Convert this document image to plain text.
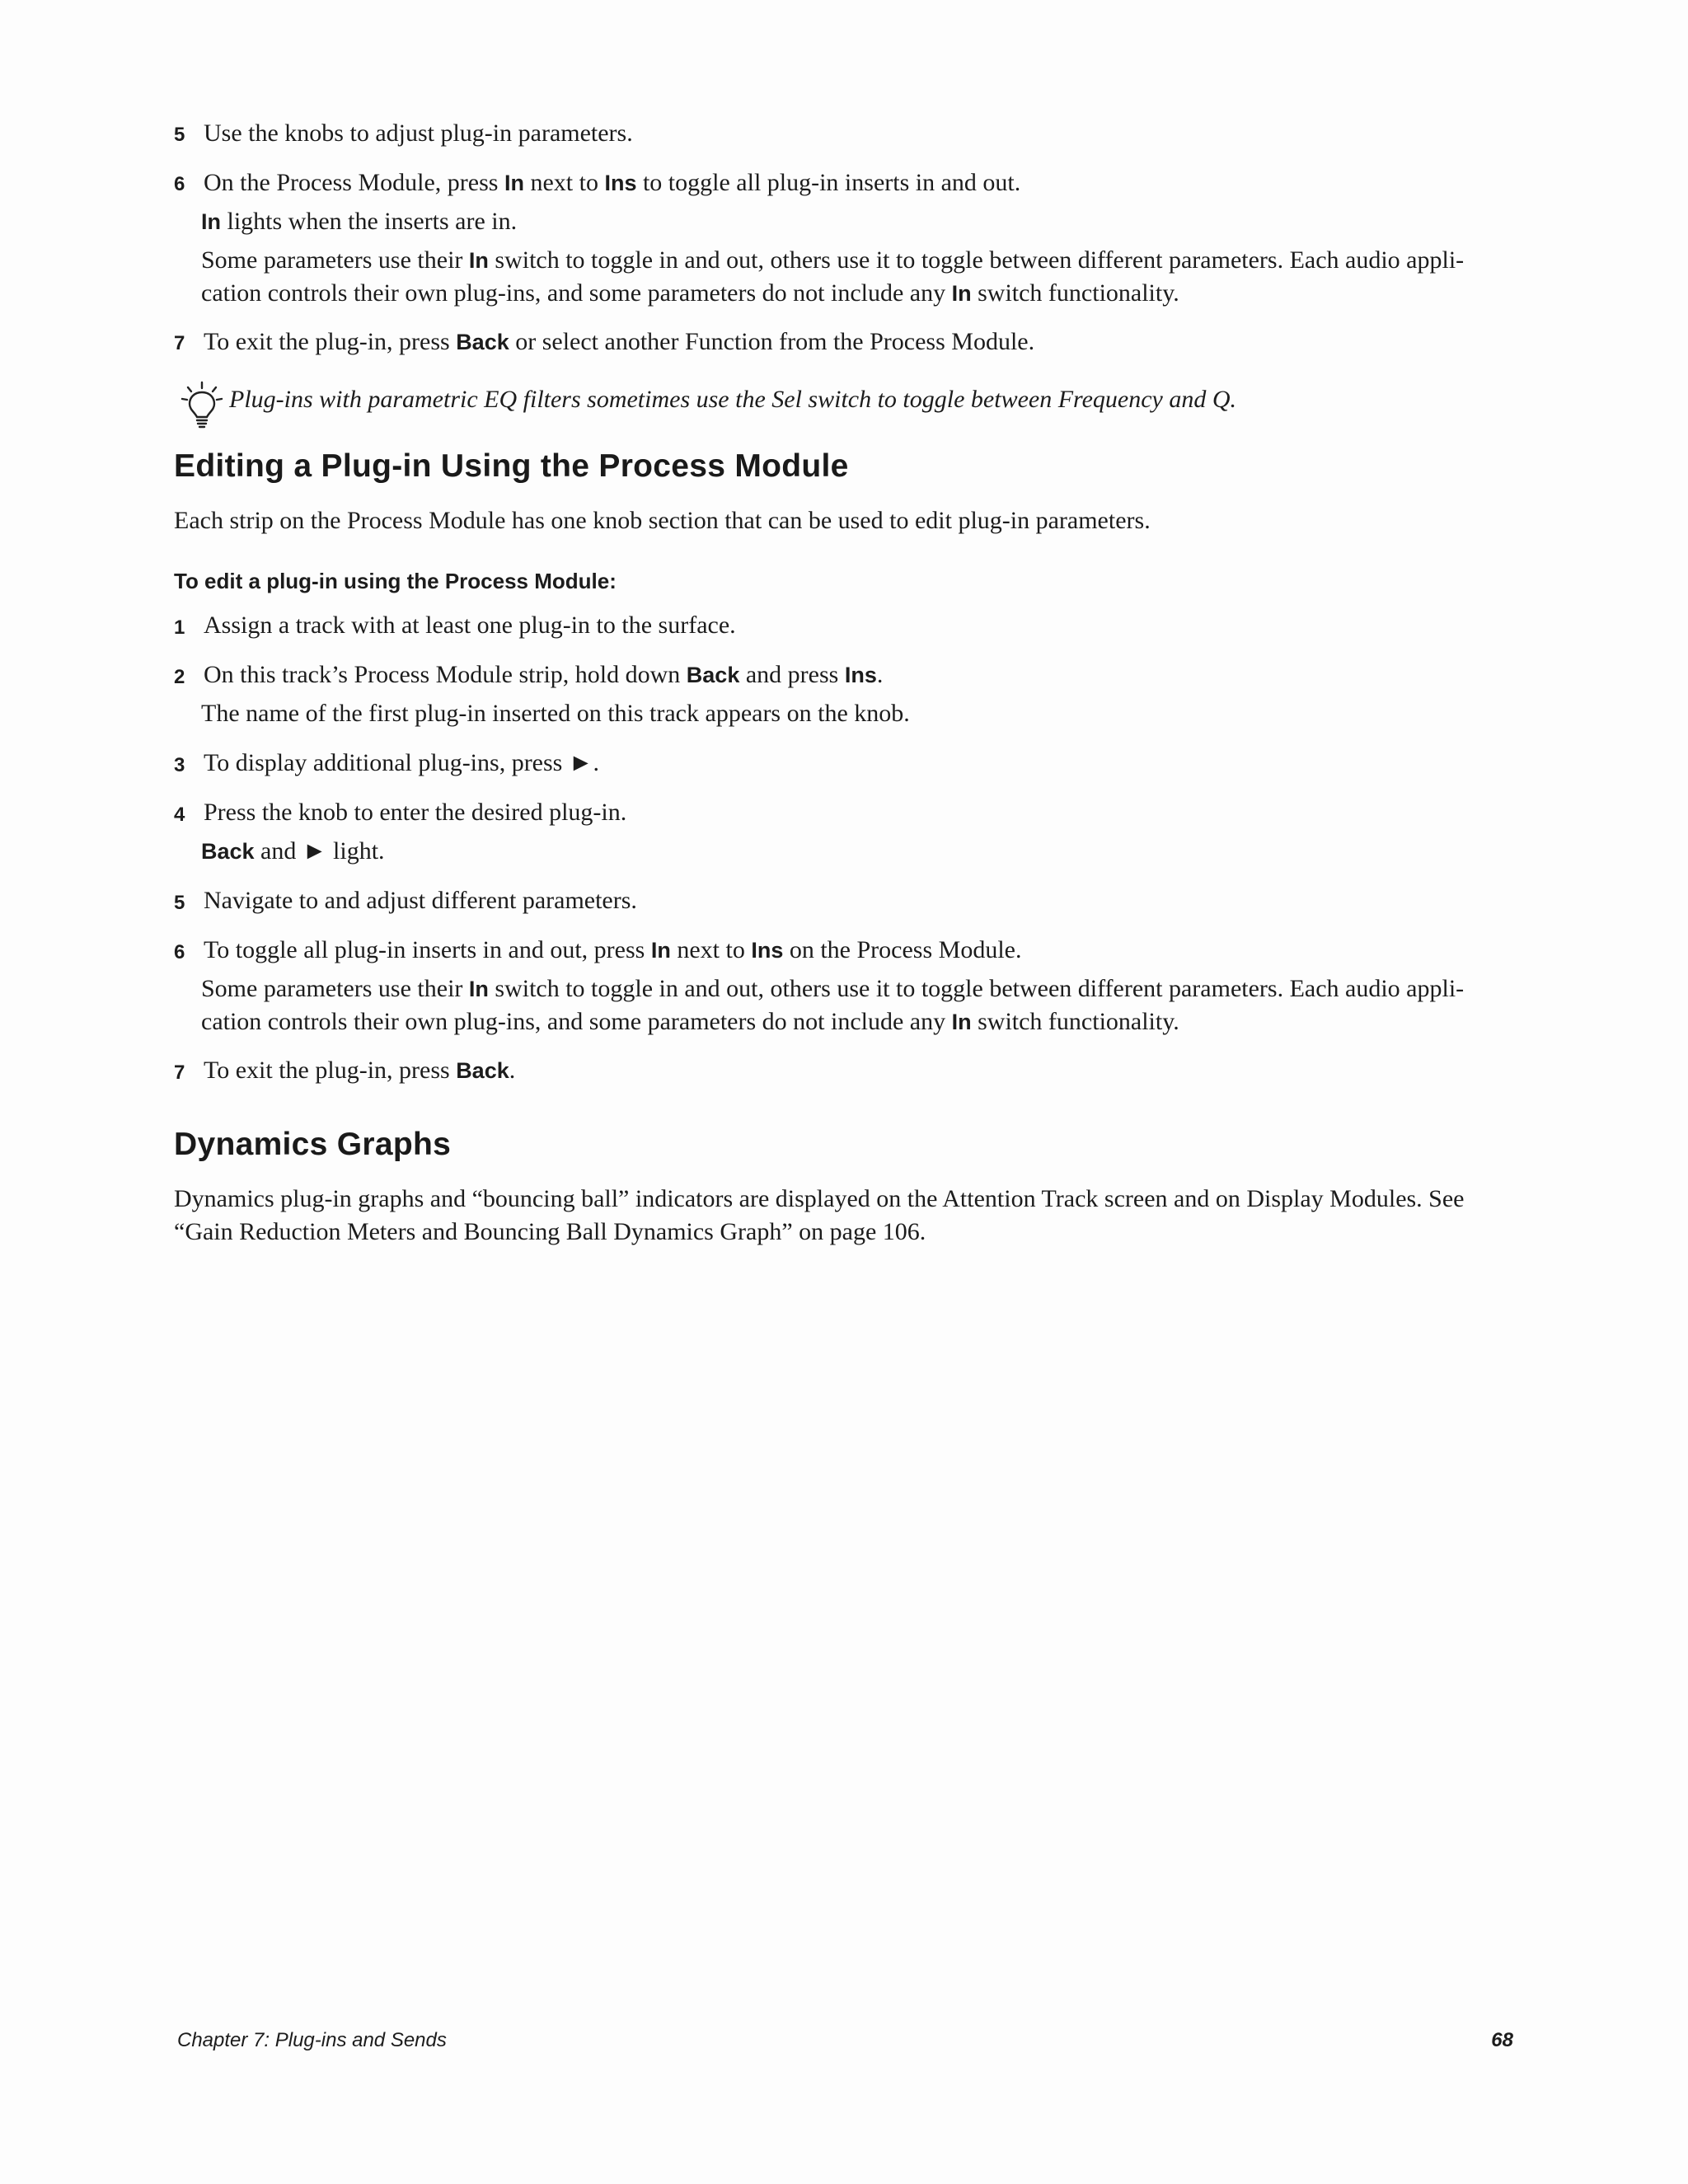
5 Use the knobs to adjust plug-in parameters.
6 On the Process Module, press In next to Ins to toggle all plug-in inserts in and out.
In lights when the inserts are in.
Some parameters use their In switch to toggle in and out, others use it to toggle between different parameters. Each audio appli-
cation controls their own plug-ins, and some parameters do not include any In switch functionality.
7 To exit the plug-in, press Back or select another Function from the Process Module.
Plug-ins with parametric EQ filters sometimes use the Sel switch to toggle between Frequency and Q.
Editing a Plug-in Using the Process Module
Each strip on the Process Module has one knob section that can be used to edit plug-in parameters.
To edit a plug-in using the Process Module:
1 Assign a track with at least one plug-in to the surface.
2 On this track’s Process Module strip, hold down Back and press Ins.
The name of the first plug-in inserted on this track appears on the knob.
3 To display additional plug-ins, press ►.
4 Press the knob to enter the desired plug-in.
Back and ► light.
5 Navigate to and adjust different parameters.
6 To toggle all plug-in inserts in and out, press In next to Ins on the Process Module.
Some parameters use their In switch to toggle in and out, others use it to toggle between different parameters. Each audio appli-
cation controls their own plug-ins, and some parameters do not include any In switch functionality.
7 To exit the plug-in, press Back.
Dynamics Graphs
Dynamics plug-in graphs and “bouncing ball” indicators are displayed on the Attention Track screen and on Display Modules. See
“Gain Reduction Meters and Bouncing Ball Dynamics Graph” on page 106.
Chapter 7: Plug-ins and Sends	68
